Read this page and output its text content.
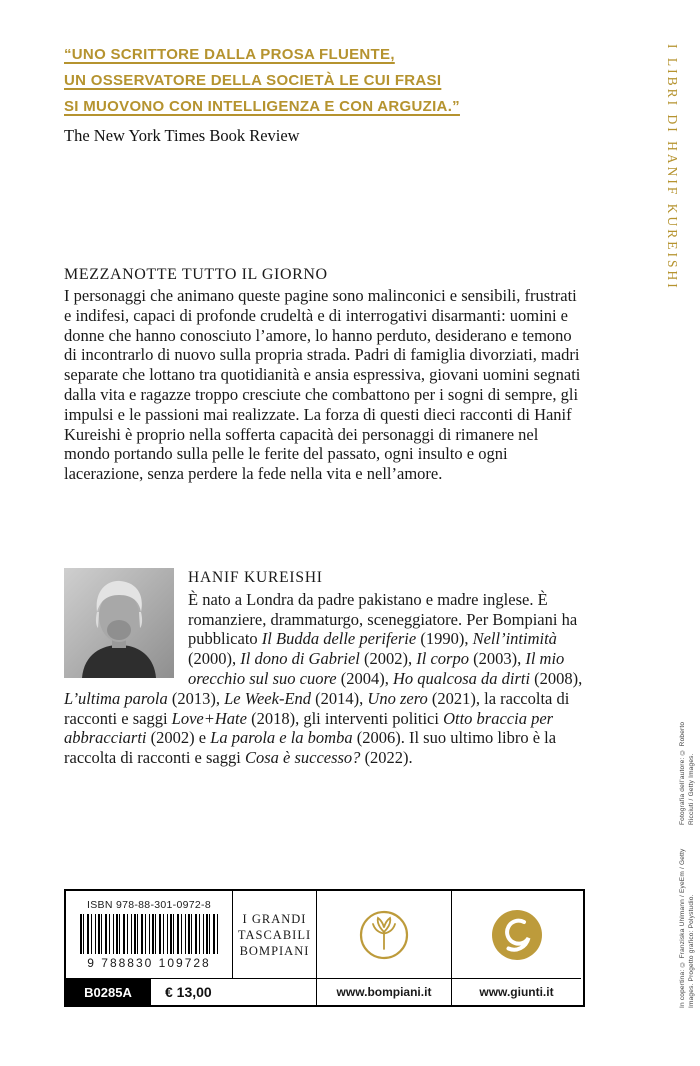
“UNO SCRITTORE DALLA PROSA FLUENTE,
UN OSSERVATORE DELLA SOCIETÀ LE CUI FRASI
SI MUOVONO CON INTELLIGENZA E CON ARGUZIA.”
The New York Times Book Review	I LIBRI DI HANIF KUREISHI
MEZZANOTTE TUTTO IL GIORNO

I personaggi che animano queste pagine sono malinconici e sensibili, frustrati e indifesi, capaci di profonde crudeltà e di interrogativi disarmanti: uomini e donne che hanno conosciuto l’amore, lo hanno perduto, desiderano e temono di incontrarlo di nuovo sulla propria strada. Padri di famiglia divorziati, madri separate che lottano tra quotidianità e ansia espressiva, giovani uomini segnati dalla vita e ragazze troppo cresciute che combattono per i sogni di sempre, gli impulsi e le passioni mai realizzate. La forza di questi dieci racconti di Hanif Kureishi è proprio nella sofferta capacità dei personaggi di rimanere nel mondo portando sulla pelle le ferite del passato, ogni insulto e ogni lacerazione, senza perdere la fede nella vita e nell’amore.

HANIF KUREISHI
È nato a Londra da padre pakistano e madre inglese. È romanziere, drammaturgo, sceneggiatore. Per Bompiani ha pubblicato Il Budda delle periferie (1990), Nell’intimità (2000), Il dono di Gabriel (2002), Il corpo (2003), Il mio orecchio sul suo cuore (2004), Ho qualcosa da dirti (2008), L’ultima parola (2013), Le Week-End (2014), Uno zero (2021), la raccolta di racconti e saggi Love+Hate (2018), gli interventi politici Otto braccia per abbracciarti (2002) e La parola e la bomba (2006). Il suo ultimo libro è la raccolta di racconti e saggi Cosa è successo? (2022).
ISBN 978-88-301-0972-8
9 788830 109728
I GRANDI
TASCABILI
BOMPIANI
B0285A	€ 13,00	www.bompiani.it	www.giunti.it	In copertina: © Franziska Uhlmann / EyeEm / Getty Images. Progetto grafico: Polystudio.
Fotografia dell’autore: © Roberto Ricciuti / Getty Images.
